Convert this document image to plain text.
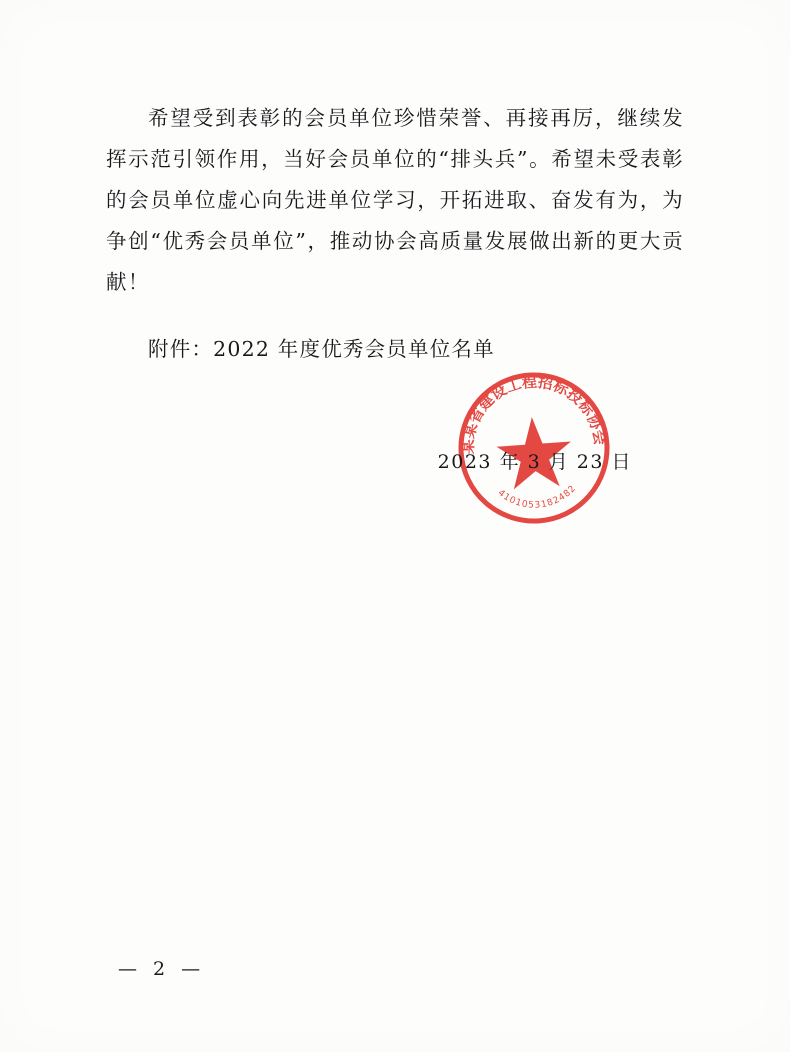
希望受到表彰的会员单位珍惜荣誉、再接再厉，继续发挥示范引领作用，当好会员单位的“排头兵”。希望未受表彰的会员单位虚心向先进单位学习，开拓进取、奋发有为，为争创“优秀会员单位”，推动协会高质量发展做出新的更大贡献！

附件：2022 年度优秀会员单位名单

某某省建设工程招标投标协会
4101053182482
2023 年 3 月 23 日
— 2 —
